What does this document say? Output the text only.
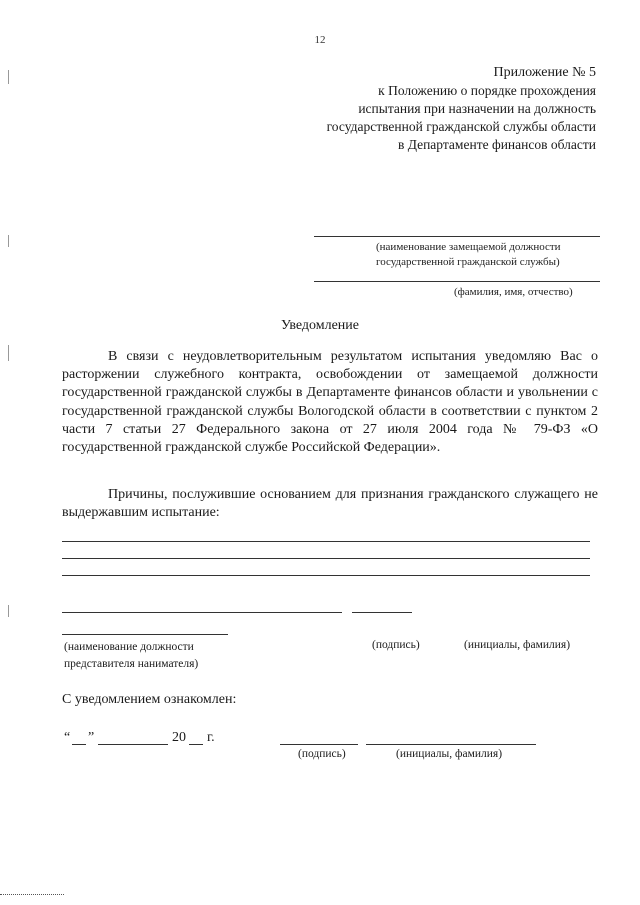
12
Приложение № 5
к Положению о порядке прохождения
испытания при назначении на должность
государственной гражданской службы области
в Департаменте финансов области
(наименование замещаемой должности
государственной гражданской службы)
(фамилия, имя, отчество)
Уведомление
В связи с неудовлетворительным результатом испытания уведомляю Вас о расторжении служебного контракта, освобождении от замещаемой должности государственной гражданской службы в Департаменте финансов области и увольнении с государственной гражданской службы Вологодской области в соответствии с пунктом 2 части 7 статьи 27 Федерального закона от 27 июля 2004 года № 79-ФЗ «О государственной гражданской службе Российской Федерации».
Причины, послужившие основанием для признания гражданского служащего не выдержавшим испытание:
(наименование должности
представителя нанимателя)
(подпись)	(инициалы, фамилия)
С уведомлением ознакомлен:
“ ”	20 г.
(подпись)	(инициалы, фамилия)
